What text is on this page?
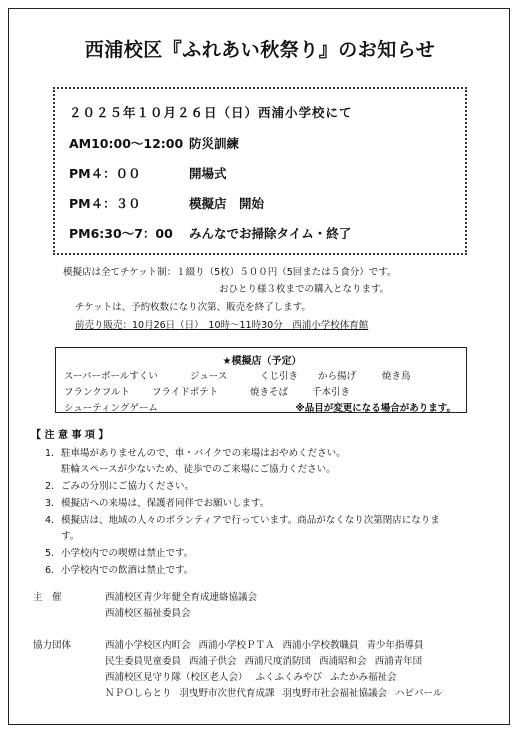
西浦校区『ふれあい秋祭り』のお知らせ
２０２５年１０月２６日（日）西浦小学校にて
AM10:00～12:00 防災訓練
PM４：００	開場式
PM４：３０	模擬店　開始
PM6:30～7：00 みんなでお掃除タイム・終了
模擬店は全てチケット制：１綴り（5枚）５００円（5回または５食分）です。
おひとり様３枚までの購入となります。
チケットは、予約枚数になり次第、販売を終了します。
前売り販売：10月26日（日）　10時～11時30分　西浦小学校体育館
★模擬店（予定）
スーパーボールすくい	ジュース	くじ引き から揚げ	焼き鳥
フランクフルト フライドポテト	焼きそば	千本引き
シューティングゲーム	※品目が変更になる場合があります。
【 注 意 事 項 】
1. 駐車場がありませんので、車・バイクでの来場はおやめください。
駐輪スペースが少ないため、徒歩でのご来場にご協力ください。
2. ごみの分別にご協力ください。
3. 模擬店への来場は、保護者同伴でお願いします。
4. 模擬店は、地域の人々のボランティアで行っています。商品がなくなり次第閉店になりま
す。
5. 小学校内での喫煙は禁止です。
6. 小学校内での飲酒は禁止です。
主　催	西浦校区青少年健全育成連絡協議会
西浦校区福祉委員会
協力団体	西浦小学校区内町会 西浦小学校ＰＴＡ 西浦小学校教職員 青少年指導員
民生委員児童委員 西浦子供会 西浦尺度消防団 西浦昭和会 西浦青年団
西浦校区見守り隊（校区老人会） ふくふくみやび ふたかみ福祉会
ＮＰＯしらとり 羽曳野市次世代育成課 羽曳野市社会福祉協議会 ハピパール
